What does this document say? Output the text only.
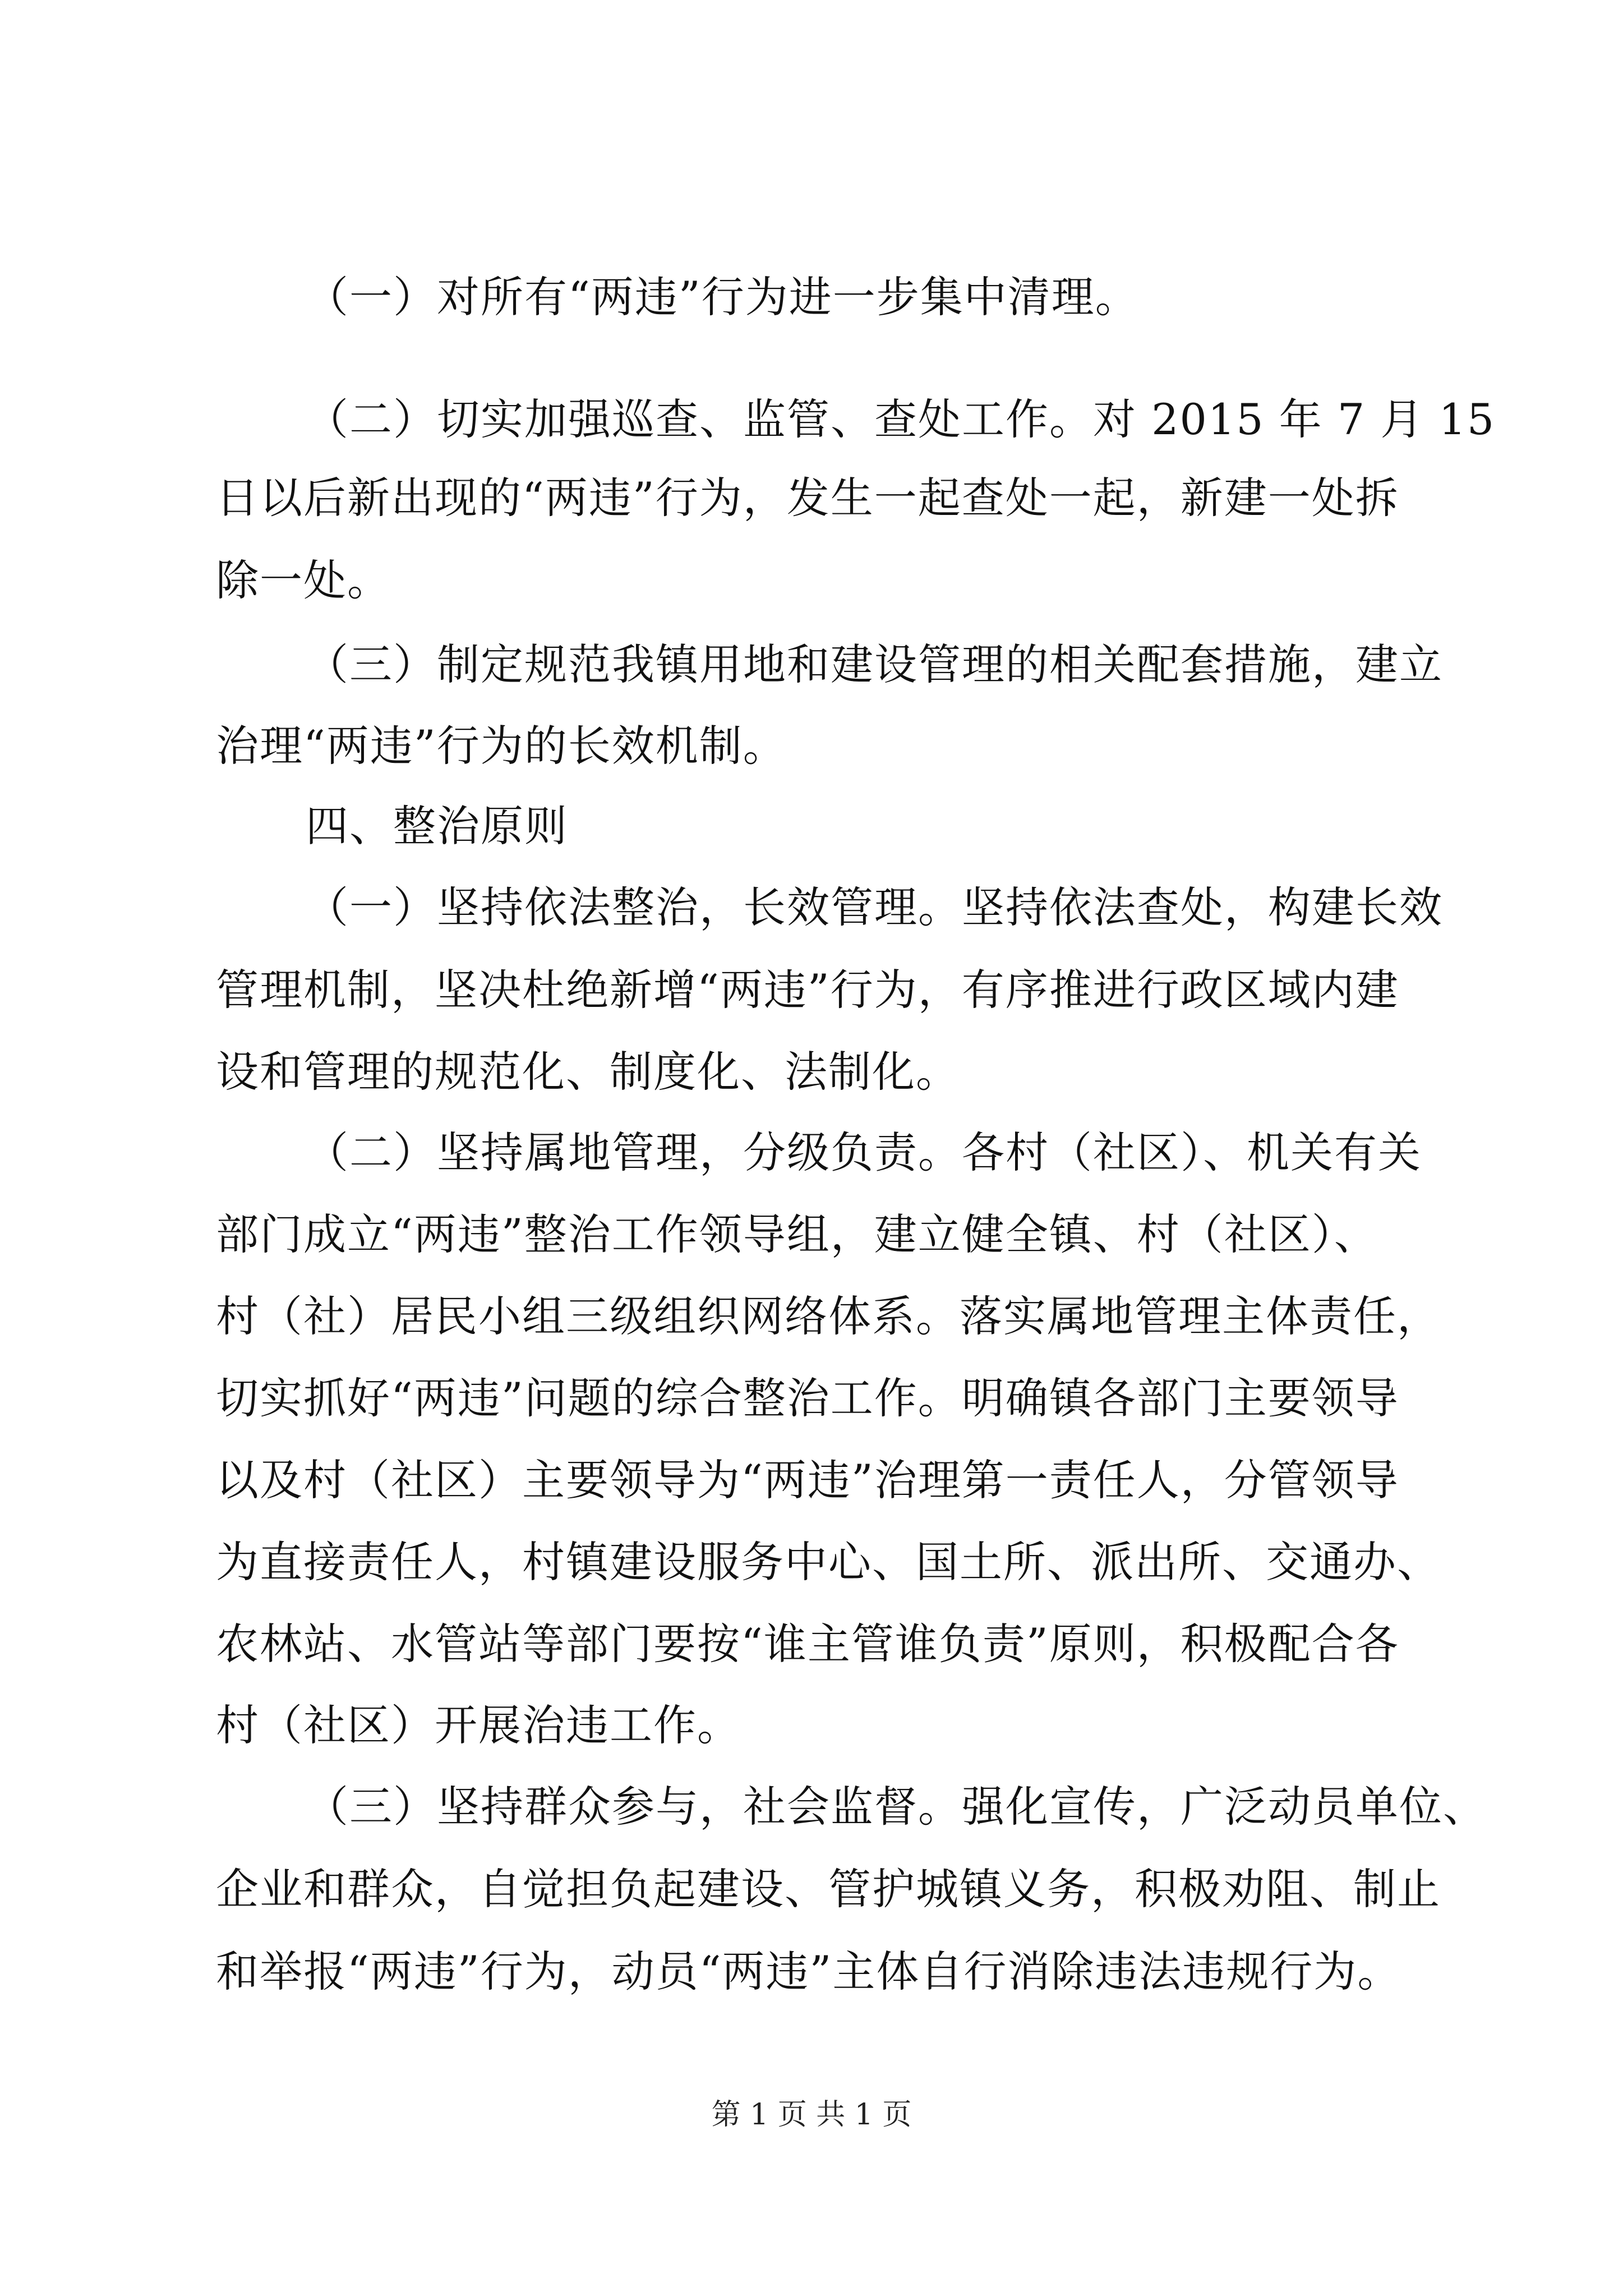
（一）对所有“两违”行为进一步集中清理。
（二）切实加强巡查、监管、查处工作。对 2015 年 7 月 15
日以后新出现的“两违”行为，发生一起查处一起，新建一处拆
除一处。
（三）制定规范我镇用地和建设管理的相关配套措施，建立
治理“两违”行为的长效机制。
四、整治原则
（一）坚持依法整治，长效管理。坚持依法查处，构建长效
管理机制，坚决杜绝新增“两违”行为，有序推进行政区域内建
设和管理的规范化、制度化、法制化。
（二）坚持属地管理，分级负责。各村（社区）、机关有关
部门成立“两违”整治工作领导组，建立健全镇、村（社区）、
村（社）居民小组三级组织网络体系。落实属地管理主体责任，
切实抓好“两违”问题的综合整治工作。明确镇各部门主要领导
以及村（社区）主要领导为“两违”治理第一责任人，分管领导
为直接责任人，村镇建设服务中心、国土所、派出所、交通办、
农林站、水管站等部门要按“谁主管谁负责”原则，积极配合各
村（社区）开展治违工作。
（三）坚持群众参与，社会监督。强化宣传，广泛动员单位、
企业和群众，自觉担负起建设、管护城镇义务，积极劝阻、制止
和举报“两违”行为，动员“两违”主体自行消除违法违规行为。
第 1 页 共 1 页
